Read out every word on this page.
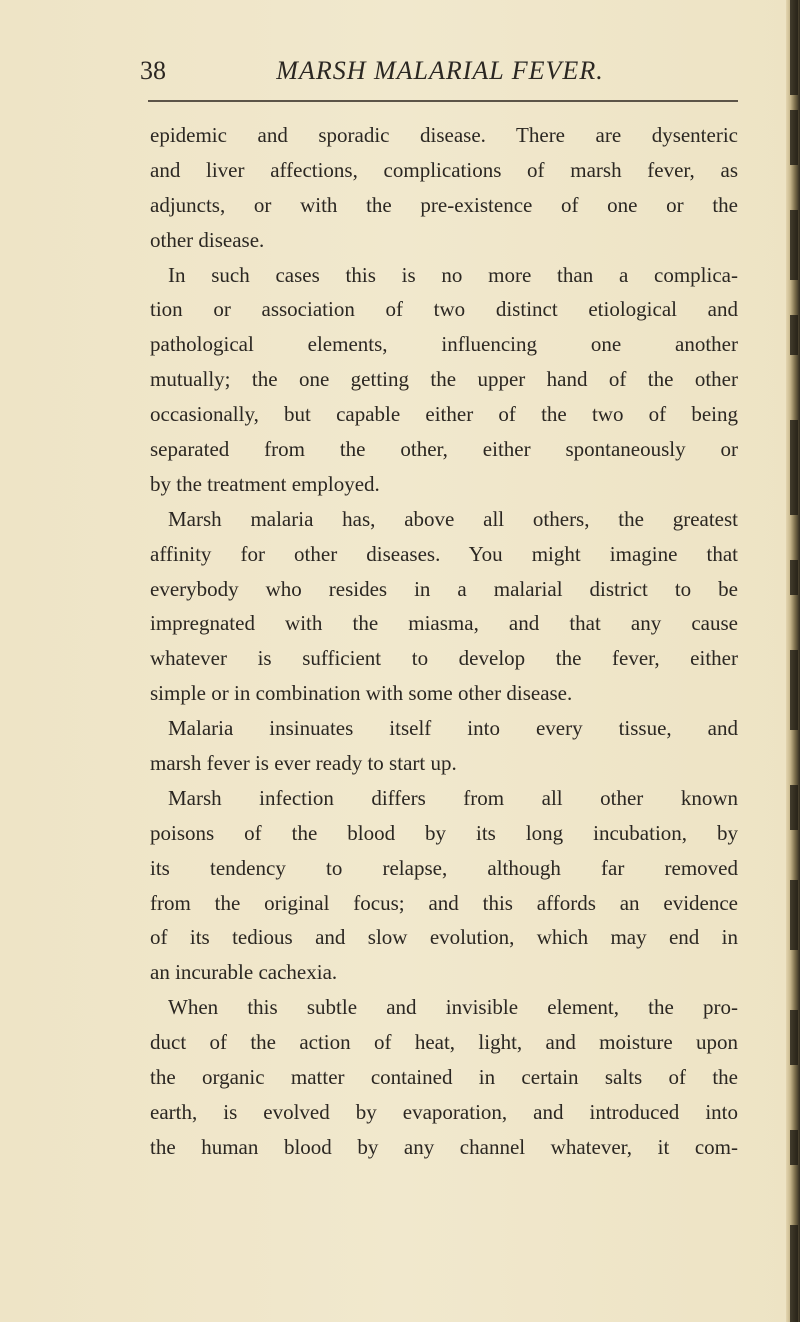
38	MARSH MALARIAL FEVER.
epidemic and sporadic disease. There are dysenteric
and liver affections, complications of marsh fever, as
adjuncts, or with the pre-existence of one or the
other disease.
In such cases this is no more than a complica-
tion or association of two distinct etiological and
pathological elements, influencing one another
mutually; the one getting the upper hand of the other
occasionally, but capable either of the two of being
separated from the other, either spontaneously or
by the treatment employed.
Marsh malaria has, above all others, the greatest
affinity for other diseases. You might imagine that
everybody who resides in a malarial district to be
impregnated with the miasma, and that any cause
whatever is sufficient to develop the fever, either
simple or in combination with some other disease.
Malaria insinuates itself into every tissue, and
marsh fever is ever ready to start up.
Marsh infection differs from all other known
poisons of the blood by its long incubation, by
its tendency to relapse, although far removed
from the original focus; and this affords an evidence
of its tedious and slow evolution, which may end in
an incurable cachexia.
When this subtle and invisible element, the pro-
duct of the action of heat, light, and moisture upon
the organic matter contained in certain salts of the
earth, is evolved by evaporation, and introduced into
the human blood by any channel whatever, it com-
